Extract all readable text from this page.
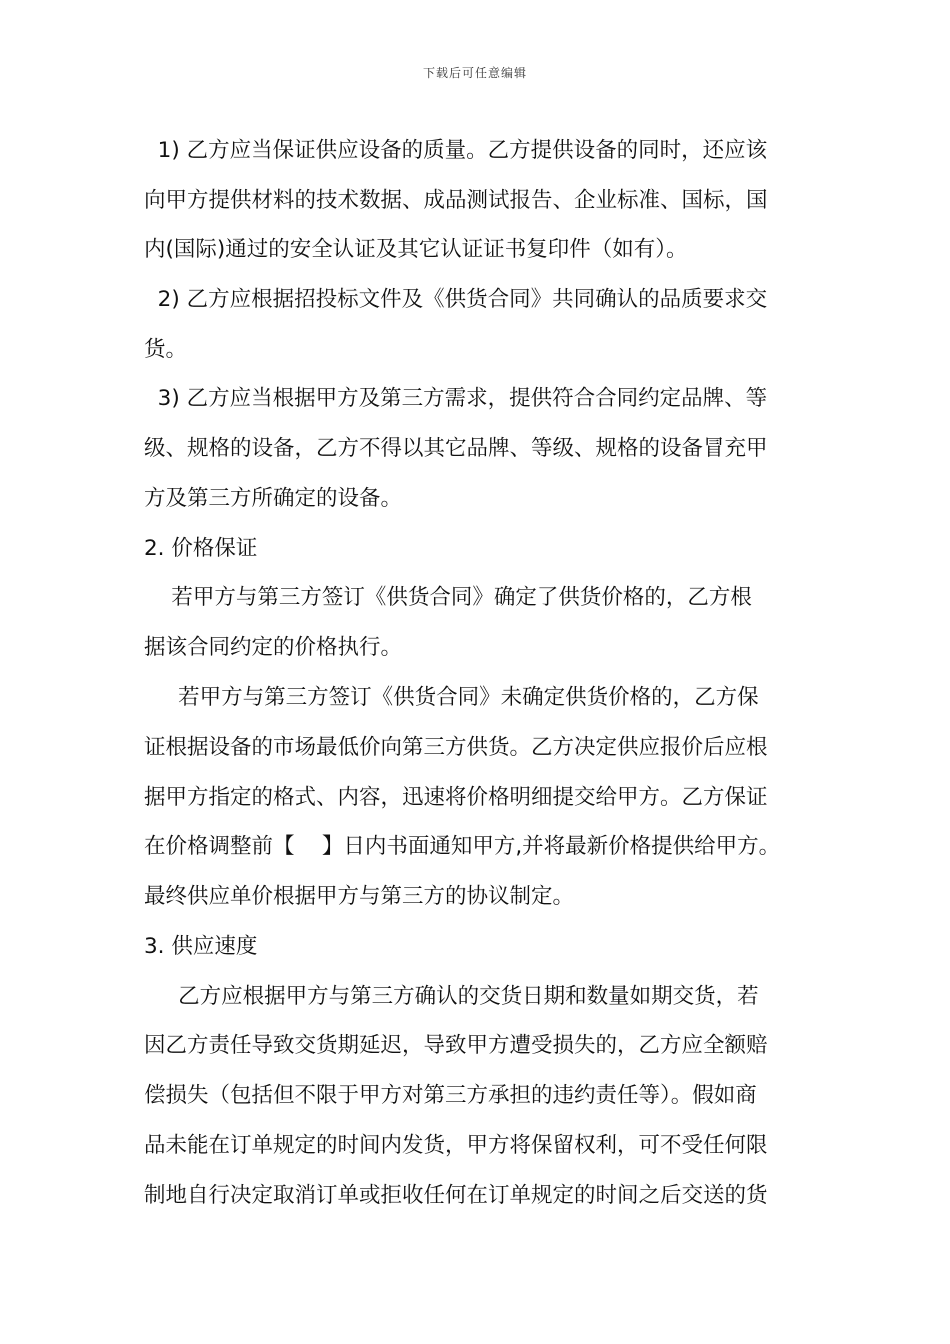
下载后可任意编辑
1) 乙方应当保证供应设备的质量。乙方提供设备的同时，还应该
向甲方提供材料的技术数据、成品测试报告、企业标准、国标，国
内(国际)通过的安全认证及其它认证证书复印件（如有）。
2) 乙方应根据招投标文件及《供货合同》共同确认的品质要求交
货。
3) 乙方应当根据甲方及第三方需求，提供符合合同约定品牌、等
级、规格的设备，乙方不得以其它品牌、等级、规格的设备冒充甲
方及第三方所确定的设备。
2. 价格保证
若甲方与第三方签订《供货合同》确定了供货价格的，乙方根
据该合同约定的价格执行。
若甲方与第三方签订《供货合同》未确定供货价格的，乙方保
证根据设备的市场最低价向第三方供货。乙方决定供应报价后应根
据甲方指定的格式、内容，迅速将价格明细提交给甲方。乙方保证
在价格调整前【    】日内书面通知甲方,并将最新价格提供给甲方。
最终供应单价根据甲方与第三方的协议制定。
3. 供应速度
乙方应根据甲方与第三方确认的交货日期和数量如期交货，若
因乙方责任导致交货期延迟，导致甲方遭受损失的，乙方应全额赔
偿损失（包括但不限于甲方对第三方承担的违约责任等）。假如商
品未能在订单规定的时间内发货，甲方将保留权利，可不受任何限
制地自行决定取消订单或拒收任何在订单规定的时间之后交送的货
